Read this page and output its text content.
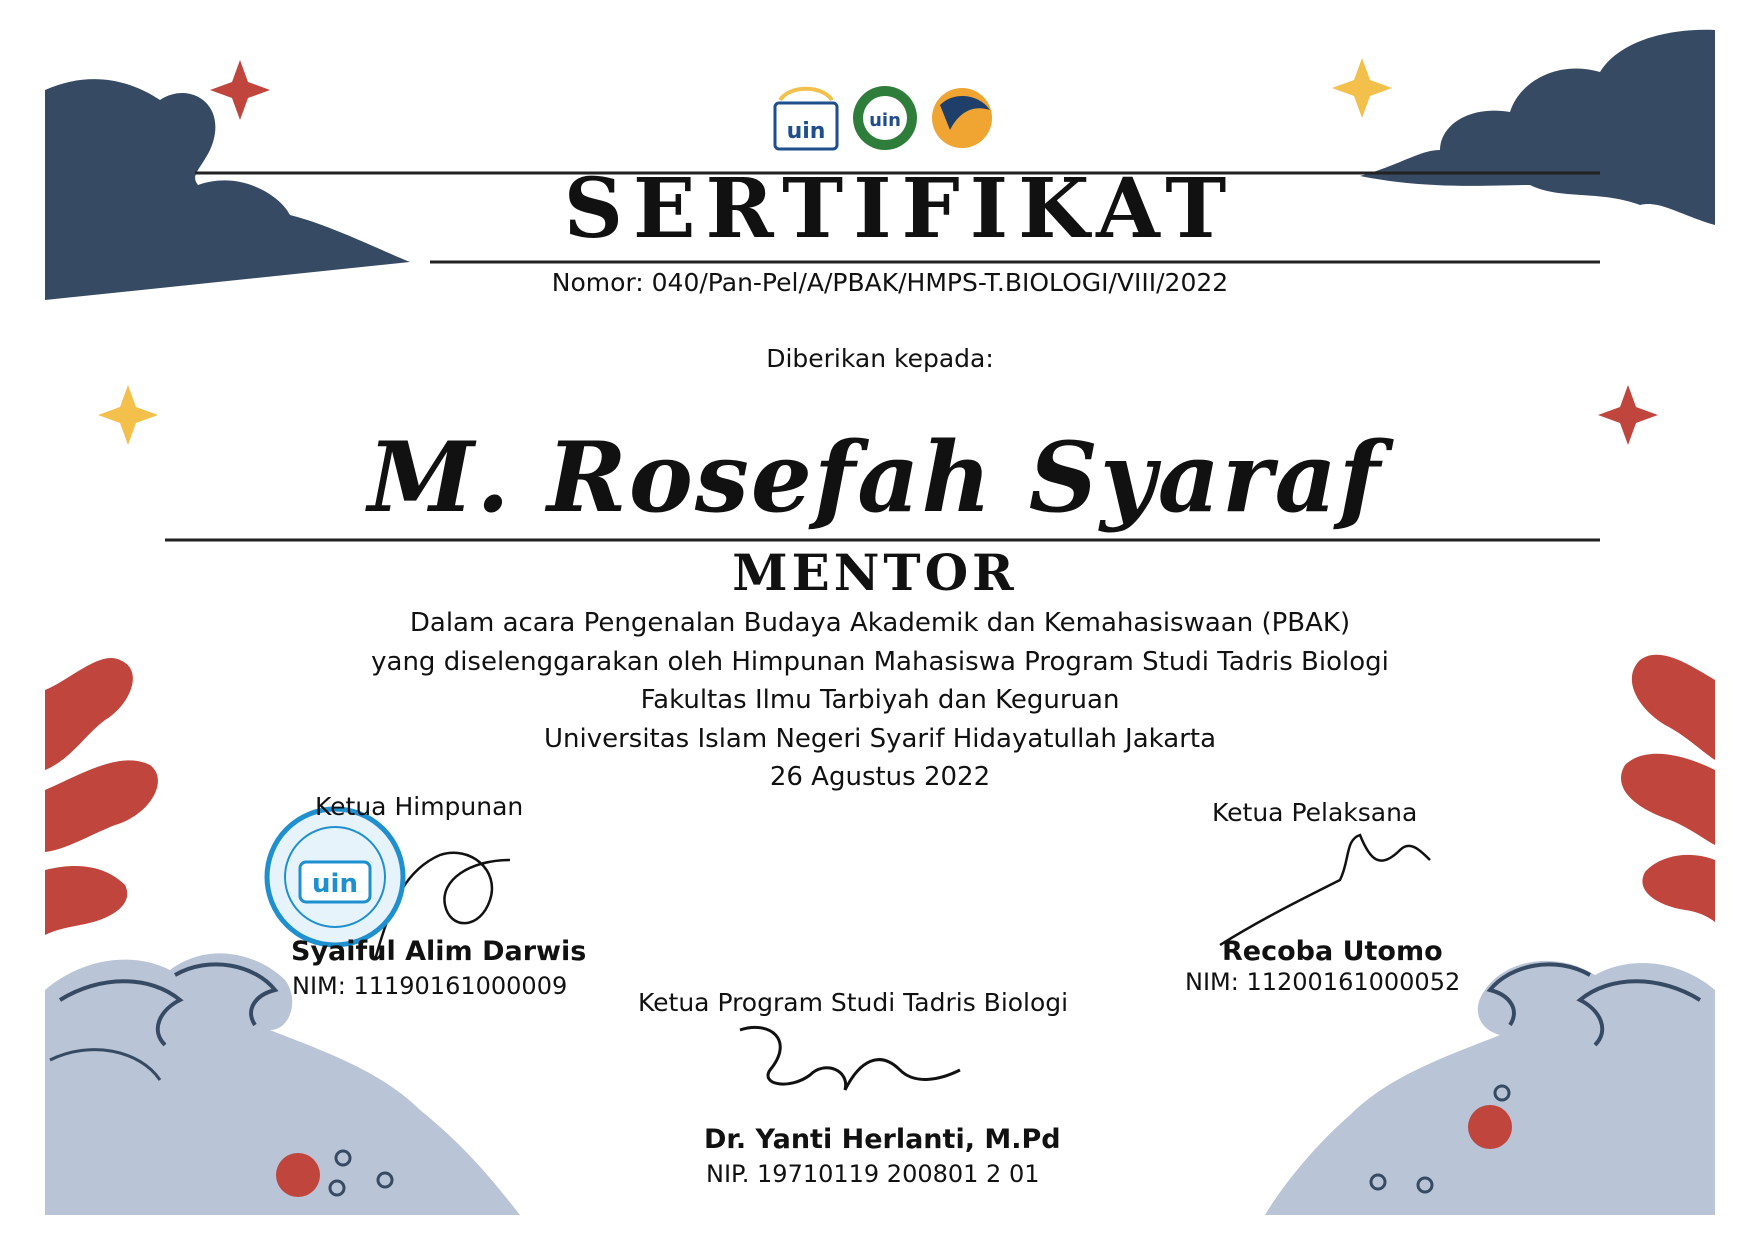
uin uin
uin
SERTIFIKAT
Nomor: 040/Pan-Pel/A/PBAK/HMPS-T.BIOLOGI/VIII/2022
Diberikan kepada:
M. Rosefah Syaraf
MENTOR
Dalam acara Pengenalan Budaya Akademik dan Kemahasiswaan (PBAK)
yang diselenggarakan oleh Himpunan Mahasiswa Program Studi Tadris Biologi
Fakultas Ilmu Tarbiyah dan Keguruan
Universitas Islam Negeri Syarif Hidayatullah Jakarta
26 Agustus 2022
Ketua Himpunan
Syaiful Alim Darwis
NIM: 11190161000009
Ketua Pelaksana
Recoba Utomo
NIM: 11200161000052
Ketua Program Studi Tadris Biologi
Dr. Yanti Herlanti, M.Pd
NIP. 19710119 200801 2 01
